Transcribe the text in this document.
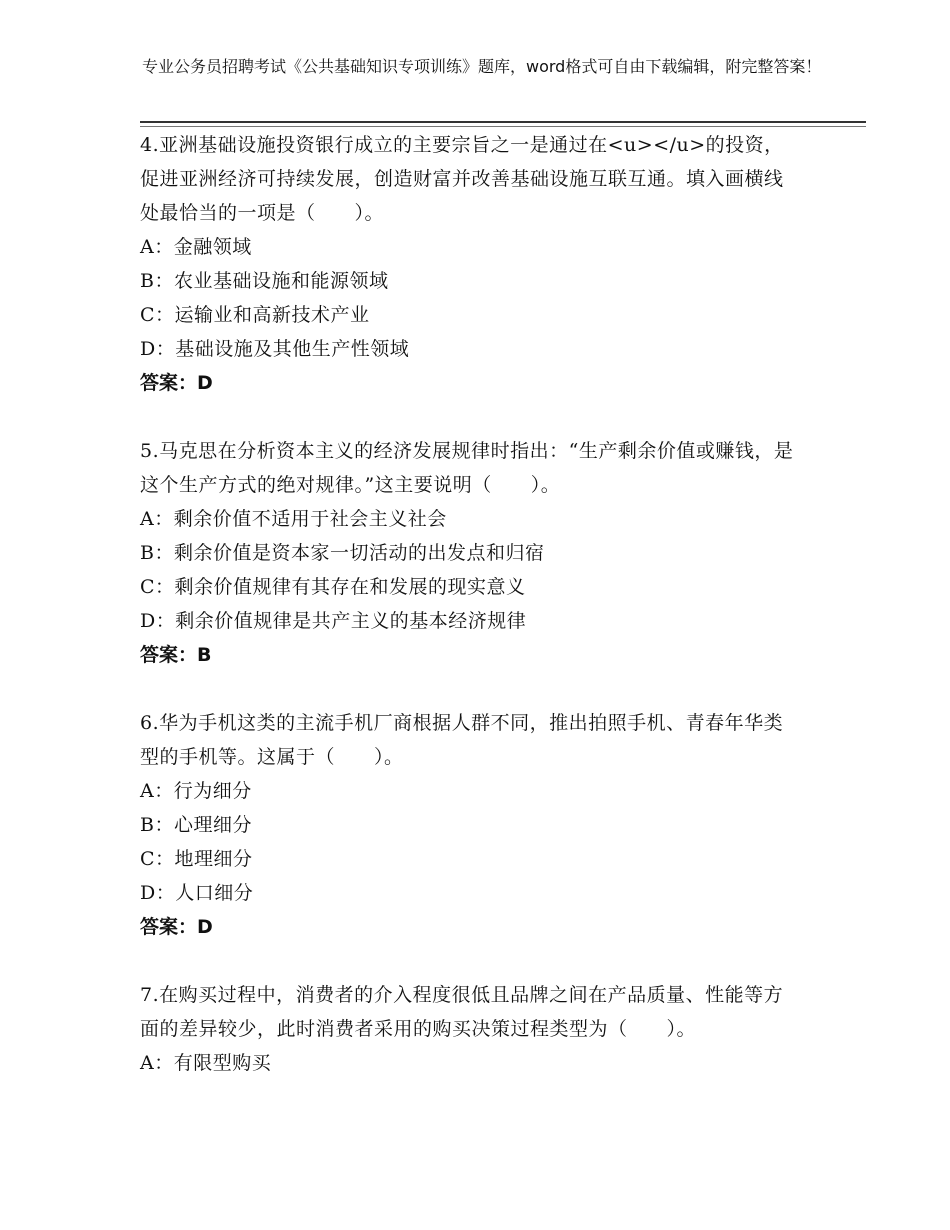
专业公务员招聘考试《公共基础知识专项训练》题库，word格式可自由下载编辑，附完整答案！

4.亚洲基础设施投资银行成立的主要宗旨之一是通过在<u></u>的投资，促进亚洲经济可持续发展，创造财富并改善基础设施互联互通。填入画横线处最恰当的一项是（　　）。

A：金融领域

B：农业基础设施和能源领域

C：运输业和高新技术产业

D：基础设施及其他生产性领域

答案：D

5.马克思在分析资本主义的经济发展规律时指出：“生产剩余价值或赚钱，是这个生产方式的绝对规律。”这主要说明（　　）。

A：剩余价值不适用于社会主义社会

B：剩余价值是资本家一切活动的出发点和归宿

C：剩余价值规律有其存在和发展的现实意义

D：剩余价值规律是共产主义的基本经济规律

答案：B

6.华为手机这类的主流手机厂商根据人群不同，推出拍照手机、青春年华类型的手机等。这属于（　　）。

A：行为细分

B：心理细分

C：地理细分

D：人口细分

答案：D

7.在购买过程中，消费者的介入程度很低且品牌之间在产品质量、性能等方面的差异较少，此时消费者采用的购买决策过程类型为（　　）。

A：有限型购买
